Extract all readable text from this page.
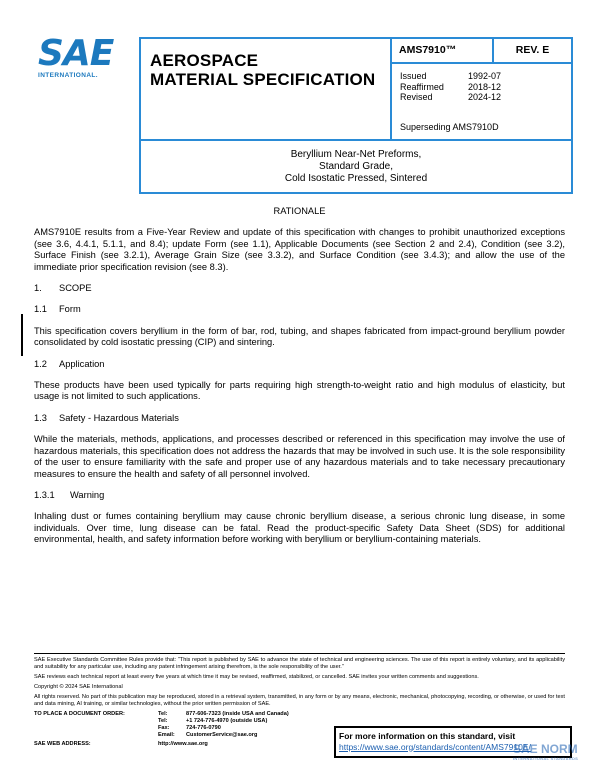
SAE
INTERNATIONAL.
AEROSPACE
MATERIAL SPECIFICATION
AMS7910™	REV. E
Issued	1992-07
Reaffirmed	2018-12
Revised	2024-12
Superseding AMS7910D
Beryllium Near-Net Preforms,
Standard Grade,
Cold Isostatic Pressed, Sintered
RATIONALE

AMS7910E results from a Five-Year Review and update of this specification with changes to prohibit unauthorized exceptions (see 3.6, 4.4.1, 5.1.1, and 8.4); update Form (see 1.1), Applicable Documents (see Section 2 and 2.4), Condition (see 3.2), Surface Finish (see 3.2.1), Average Grain Size (see 3.3.2), and Surface Condition (see 3.4.3); and allow the use of the immediate prior specification revision (see 8.3).

1.	SCOPE
1.1	Form

This specification covers beryllium in the form of bar, rod, tubing, and shapes fabricated from impact-ground beryllium powder consolidated by cold isostatic pressing (CIP) and sintering.

1.2	Application

These products have been used typically for parts requiring high strength-to-weight ratio and high modulus of elasticity, but usage is not limited to such applications.

1.3	Safety - Hazardous Materials

While the materials, methods, applications, and processes described or referenced in this specification may involve the use of hazardous materials, this specification does not address the hazards that may be involved in such use. It is the sole responsibility of the user to ensure familiarity with the safe and proper use of any hazardous materials and to take necessary precautionary measures to ensure the health and safety of all personnel involved.

1.3.1	Warning

Inhaling dust or fumes containing beryllium may cause chronic beryllium disease, a serious chronic lung disease, in some individuals. Over time, lung disease can be fatal. Read the product-specific Safety Data Sheet (SDS) for additional environmental, health, and safety information before working with beryllium or beryllium-containing materials.

SAE Executive Standards Committee Rules provide that: “This report is published by SAE to advance the state of technical and engineering sciences. The use of this report is entirely voluntary, and its applicability and suitability for any particular use, including any patent infringement arising therefrom, is the sole responsibility of the user.”

SAE reviews each technical report at least every five years at which time it may be revised, reaffirmed, stabilized, or cancelled. SAE invites your written comments and suggestions.

Copyright © 2024 SAE International

All rights reserved. No part of this publication may be reproduced, stored in a retrieval system, transmitted, in any form or by any means, electronic, mechanical, photocopying, recording, or otherwise, or used for text and data mining, AI training, or similar technologies, without the prior written permission of SAE.

TO PLACE A DOCUMENT ORDER:	Tel:	877-606-7323 (inside USA and Canada)
Tel:	+1 724-776-4970 (outside USA)
Fax:	724-776-0790
Email:	CustomerService@sae.org
SAE WEB ADDRESS:	http://www.sae.org
For more information on this standard, visit
https://www.sae.org/standards/content/AMS7910E/
SAE NORM
INTERNATIONAL STANDARDS
